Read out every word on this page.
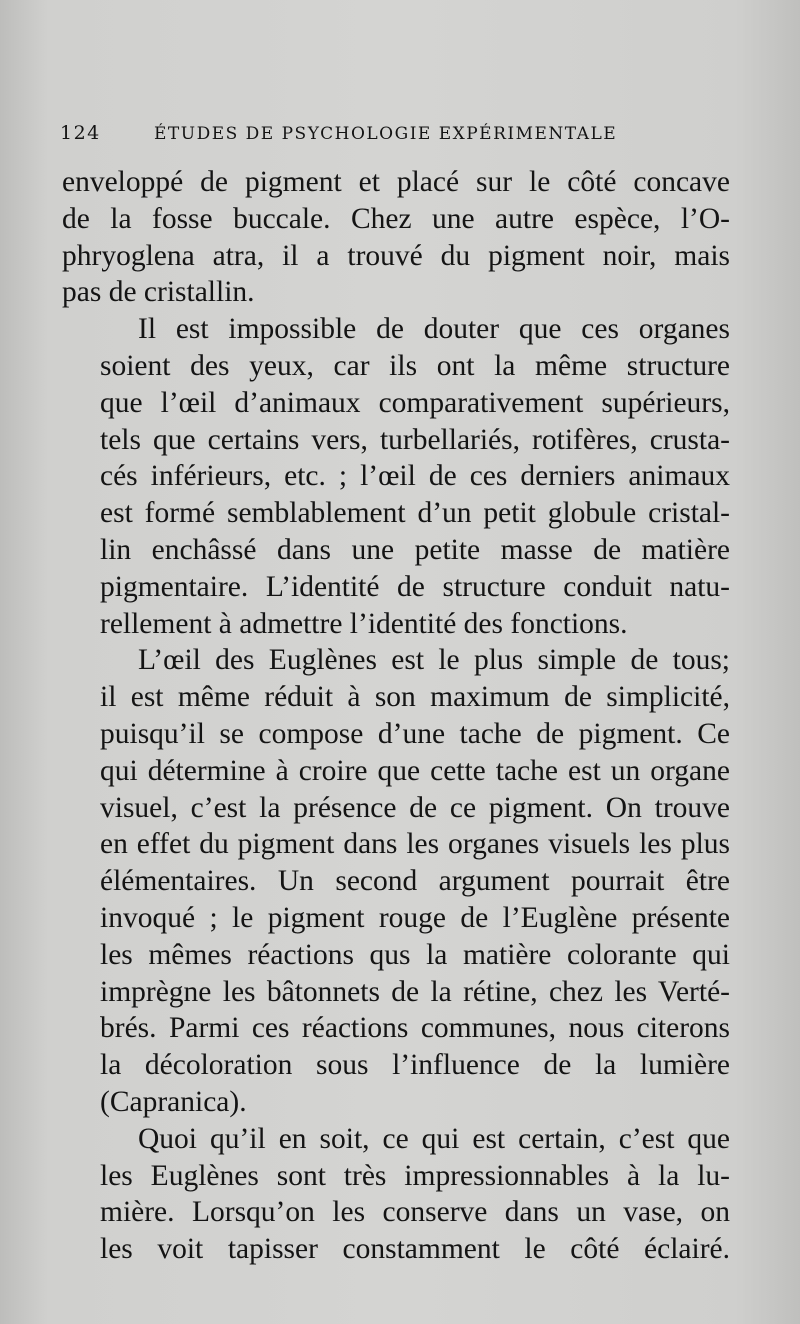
124	ÉTUDES DE PSYCHOLOGIE EXPÉRIMENTALE

enveloppé de pigment et placé sur le côté concave
de la fosse buccale. Chez une autre espèce, l’O-
phryoglena atra, il a trouvé du pigment noir, mais
pas de cristallin.

Il est impossible de douter que ces organes
soient des yeux, car ils ont la même structure
que l’œil d’animaux comparativement supérieurs,
tels que certains vers, turbellariés, rotifères, crusta-
cés inférieurs, etc. ; l’œil de ces derniers animaux
est formé semblablement d’un petit globule cristal-
lin enchâssé dans une petite masse de matière
pigmentaire. L’identité de structure conduit natu-
rellement à admettre l’identité des fonctions.

L’œil des Euglènes est le plus simple de tous;
il est même réduit à son maximum de simplicité,
puisqu’il se compose d’une tache de pigment. Ce
qui détermine à croire que cette tache est un organe
visuel, c’est la présence de ce pigment. On trouve
en effet du pigment dans les organes visuels les plus
élémentaires. Un second argument pourrait être
invoqué ; le pigment rouge de l’Euglène présente
les mêmes réactions qus la matière colorante qui
imprègne les bâtonnets de la rétine, chez les Verté-
brés. Parmi ces réactions communes, nous citerons
la décoloration sous l’influence de la lumière
(Capranica).

Quoi qu’il en soit, ce qui est certain, c’est que
les Euglènes sont très impressionnables à la lu-
mière. Lorsqu’on les conserve dans un vase, on
les voit tapisser constamment le côté éclairé.
